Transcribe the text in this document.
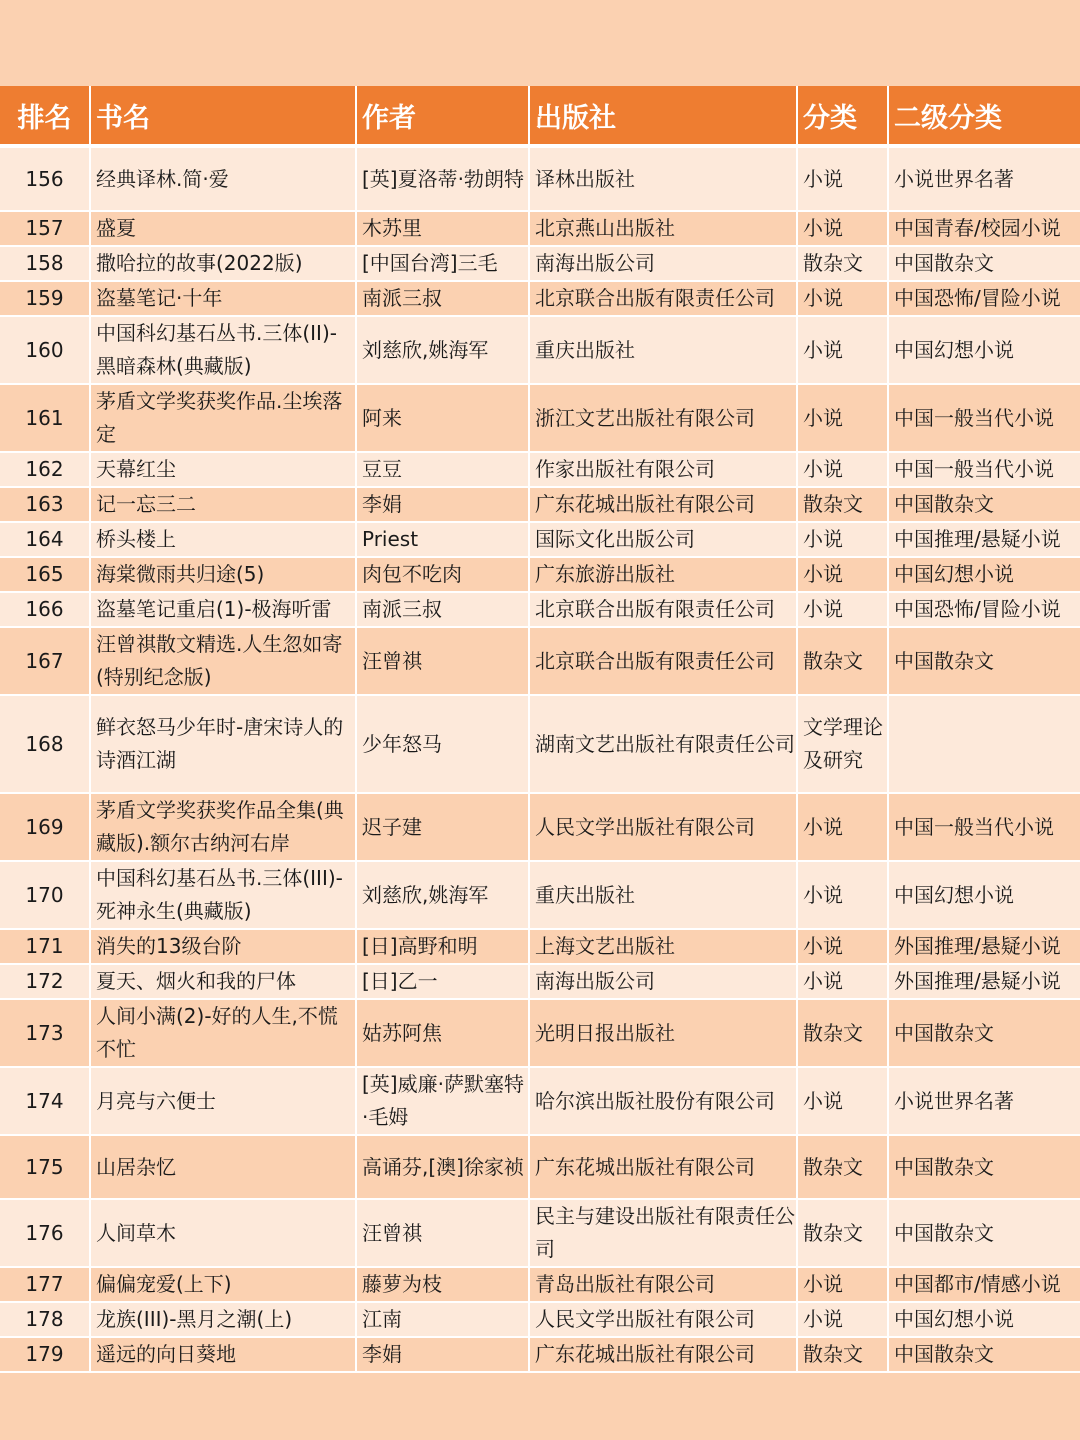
排名	书名	作者	出版社	分类	二级分类
156	经典译林.简·爱	[英]夏洛蒂·勃朗特	译林出版社	小说	小说世界名著
157	盛夏	木苏里	北京燕山出版社	小说	中国青春/校园小说
158	撒哈拉的故事(2022版)	[中国台湾]三毛	南海出版公司	散杂文	中国散杂文
159	盗墓笔记·十年	南派三叔	北京联合出版有限责任公司	小说	中国恐怖/冒险小说
160	中国科幻基石丛书.三体(II)-黑暗森林(典藏版)	刘慈欣,姚海军	重庆出版社	小说	中国幻想小说
161	茅盾文学奖获奖作品.尘埃落定	阿来	浙江文艺出版社有限公司	小说	中国一般当代小说
162	天幕红尘	豆豆	作家出版社有限公司	小说	中国一般当代小说
163	记一忘三二	李娟	广东花城出版社有限公司	散杂文	中国散杂文
164	桥头楼上	Priest	国际文化出版公司	小说	中国推理/悬疑小说
165	海棠微雨共归途(5)	肉包不吃肉	广东旅游出版社	小说	中国幻想小说
166	盗墓笔记重启(1)-极海听雷	南派三叔	北京联合出版有限责任公司	小说	中国恐怖/冒险小说
167	汪曾祺散文精选.人生忽如寄(特别纪念版)	汪曾祺	北京联合出版有限责任公司	散杂文	中国散杂文
168	鲜衣怒马少年时-唐宋诗人的诗酒江湖	少年怒马	湖南文艺出版社有限责任公司	文学理论及研究	
169	茅盾文学奖获奖作品全集(典藏版).额尔古纳河右岸	迟子建	人民文学出版社有限公司	小说	中国一般当代小说
170	中国科幻基石丛书.三体(III)-死神永生(典藏版)	刘慈欣,姚海军	重庆出版社	小说	中国幻想小说
171	消失的13级台阶	[日]高野和明	上海文艺出版社	小说	外国推理/悬疑小说
172	夏天、烟火和我的尸体	[日]乙一	南海出版公司	小说	外国推理/悬疑小说
173	人间小满(2)-好的人生,不慌不忙	姑苏阿焦	光明日报出版社	散杂文	中国散杂文
174	月亮与六便士	[英]威廉·萨默塞特·毛姆	哈尔滨出版社股份有限公司	小说	小说世界名著
175	山居杂忆	高诵芬,[澳]徐家祯	广东花城出版社有限公司	散杂文	中国散杂文
176	人间草木	汪曾祺	民主与建设出版社有限责任公司	散杂文	中国散杂文
177	偏偏宠爱(上下)	藤萝为枝	青岛出版社有限公司	小说	中国都市/情感小说
178	龙族(III)-黑月之潮(上)	江南	人民文学出版社有限公司	小说	中国幻想小说
179	遥远的向日葵地	李娟	广东花城出版社有限公司	散杂文	中国散杂文
